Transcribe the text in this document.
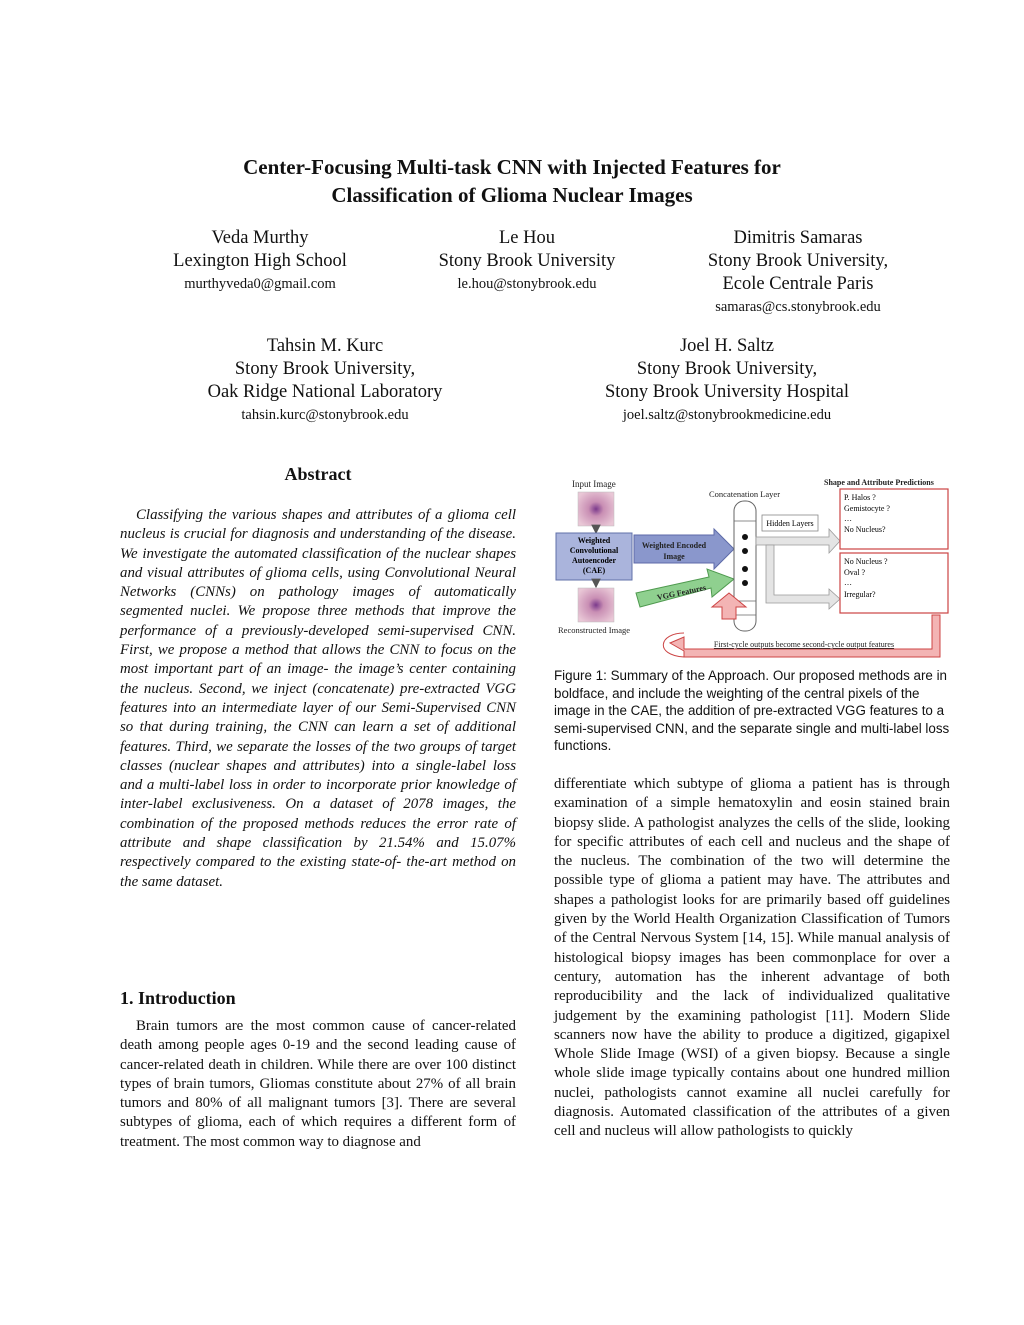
Center-Focusing Multi-task CNN with Injected Features for
Classification of Glioma Nuclear Images
Veda Murthy
Lexington High School
murthyveda0@gmail.com
Le Hou
Stony Brook University
le.hou@stonybrook.edu
Dimitris Samaras
Stony Brook University,
Ecole Centrale Paris
samaras@cs.stonybrook.edu
Tahsin M. Kurc
Stony Brook University,
Oak Ridge National Laboratory
tahsin.kurc@stonybrook.edu
Joel H. Saltz
Stony Brook University,
Stony Brook University Hospital
joel.saltz@stonybrookmedicine.edu
Abstract
Classifying the various shapes and attributes of a glioma cell nucleus is crucial for diagnosis and understanding of the disease. We investigate the automated classification of the nuclear shapes and visual attributes of glioma cells, using Convolutional Neural Networks (CNNs) on pathology images of automatically segmented nuclei. We propose three methods that improve the performance of a previously-developed semi-supervised CNN. First, we propose a method that allows the CNN to focus on the most important part of an image- the image’s center containing the nucleus. Second, we inject (concatenate) pre-extracted VGG features into an intermediate layer of our Semi-Supervised CNN so that during training, the CNN can learn a set of additional features. Third, we separate the losses of the two groups of target classes (nuclear shapes and attributes) into a single-label loss and a multi-label loss in order to incorporate prior knowledge of inter-label exclusiveness. On a dataset of 2078 images, the combination of the proposed methods reduces the error rate of attribute and shape classification by 21.54% and 15.07% respectively compared to the existing state-of- the-art method on the same dataset.
1. Introduction
Brain tumors are the most common cause of cancer-related death among people ages 0-19 and the second leading cause of cancer-related death in children. While there are over 100 distinct types of brain tumors, Gliomas constitute about 27% of all brain tumors and 80% of all malignant tumors [3]. There are several subtypes of glioma, each of which requires a different form of treatment. The most common way to diagnose and
Input Image
Weighted
Convolutional
Autoencoder
(CAE)
Reconstructed Image
Weighted Encoded
Image
VGG Features
Concatenation Layer
Hidden Layers
Shape and Attribute Predictions
P. Halos ?
Gemistocyte ?
…
No Nucleus?
No Nucleus ?
Oval ?
…
Irregular?
First-cycle outputs become second-cycle output features
Figure 1: Summary of the Approach. Our proposed methods are in boldface, and include the weighting of the central pixels of the image in the CAE, the addition of pre-extracted VGG features to a semi-supervised CNN, and the separate single and multi-label loss functions.
differentiate which subtype of glioma a patient has is through examination of a simple hematoxylin and eosin stained brain biopsy slide. A pathologist analyzes the cells of the slide, looking for specific attributes of each cell and nucleus and the shape of the nucleus. The combination of the two will determine the possible type of glioma a patient may have. The attributes and shapes a pathologist looks for are primarily based off guidelines given by the World Health Organization Classification of Tumors of the Central Nervous System [14, 15]. While manual analysis of histological biopsy images has been commonplace for over a century, automation has the inherent advantage of both reproducibility and the lack of individualized qualitative judgement by the examining pathologist [11]. Modern Slide scanners now have the ability to produce a digitized, gigapixel Whole Slide Image (WSI) of a given biopsy. Because a single whole slide image typically contains about one hundred million nuclei, pathologists cannot examine all nuclei carefully for diagnosis. Automated classification of the attributes of a given cell and nucleus will allow pathologists to quickly
